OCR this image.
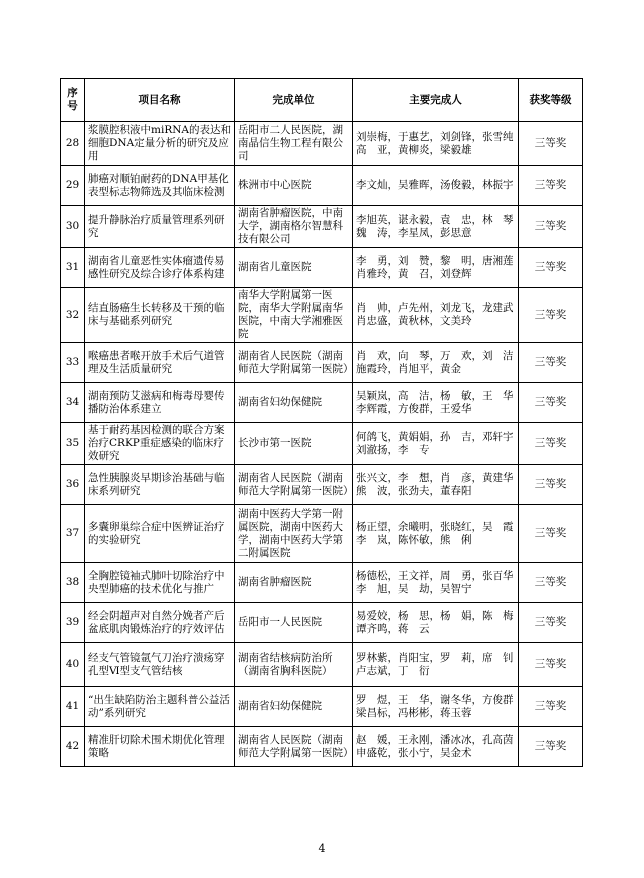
序号	项目名称	完成单位	主要完成人	获奖等级
28	浆膜腔积液中miRNA的表达和细胞DNA定量分析的研究及应用	岳阳市二人民医院，湖南晶信生物工程有限公司	刘崇梅，于惠艺，刘剑锋，张雪纯高　亚，黄柳炎，梁毅雄	三等奖
29	肺癌对顺铂耐药的DNA甲基化表型标志物筛选及其临床检测	株洲市中心医院	李文灿，吴雅晖，汤俊毅，林振宇	三等奖
30	提升静脉治疗质量管理系列研究	湖南省肿瘤医院，中南大学，湖南格尔智慧科技有限公司	李旭英，谌永毅，袁　忠，林　琴魏　涛，李星凤，彭思意	三等奖
31	湖南省儿童恶性实体瘤遗传易感性研究及综合诊疗体系构建	湖南省儿童医院	李　勇，刘　赞，黎　明，唐湘莲肖雅玲，黄　召，刘登辉	三等奖
32	结直肠癌生长转移及干预的临床与基础系列研究	南华大学附属第一医院，南华大学附属南华医院，中南大学湘雅医院	肖　帅，卢先州，刘龙飞，龙建武肖忠盛，黄秋林，文美玲	三等奖
33	喉癌患者喉开放手术后气道管理及生活质量研究	湖南省人民医院（湖南师范大学附属第一医院）	肖　欢，向　琴，万　欢，刘　洁施霞玲，肖旭平，黄金	三等奖
34	湖南预防艾滋病和梅毒母婴传播防治体系建立	湖南省妇幼保健院	吴颖岚，高　洁，杨　敏，王　华李辉霞，方俊群，王爱华	三等奖
35	基于耐药基因检测的联合方案治疗CRKP重症感染的临床疗效研究	长沙市第一医院	何鸽飞，黄娟娟，孙　吉，邓轩宇刘澈扬，李　专	三等奖
36	急性胰腺炎早期诊治基础与临床系列研究	湖南省人民医院（湖南师范大学附属第一医院）	张兴文，李　想，肖　彦，黄建华熊　波，张劲夫，董春阳	三等奖
37	多囊卵巢综合症中医辨证治疗的实验研究	湖南中医药大学第一附属医院，湖南中医药大学，湖南中医药大学第二附属医院	杨正望，余曦明，张晓红，吴　霞李　岚，陈怀敏，熊　俐	三等奖
38	全胸腔镜袖式肺叶切除治疗中央型肺癌的技术优化与推广	湖南省肿瘤医院	杨德松，王文祥，周　勇，张百华李　旭，吴　劫，吴智宁	三等奖
39	经会阴超声对自然分娩者产后盆底肌肉锻炼治疗的疗效评估	岳阳市一人民医院	易爱姣，杨　思，杨　娟，陈　梅谭齐鸣，蒋　云	三等奖
40	经支气管镜氩气刀治疗溃疡穿孔型Ⅵ型支气管结核	湖南省结核病防治所（湖南省胸科医院）	罗林紫，肖阳宝，罗　莉，席　钊卢志斌，丁　衍	三等奖
41	“出生缺陷防治主题科普公益活动”系列研究	湖南省妇幼保健院	罗　煜，王　华，谢冬华，方俊群梁昌标，冯彬彬，蒋玉蓉	三等奖
42	精准肝切除术围术期优化管理策略	湖南省人民医院（湖南师范大学附属第一医院）	赵　媛，王永刚，潘冰冰，孔高茵申盛乾，张小宁，吴金术	三等奖
4
